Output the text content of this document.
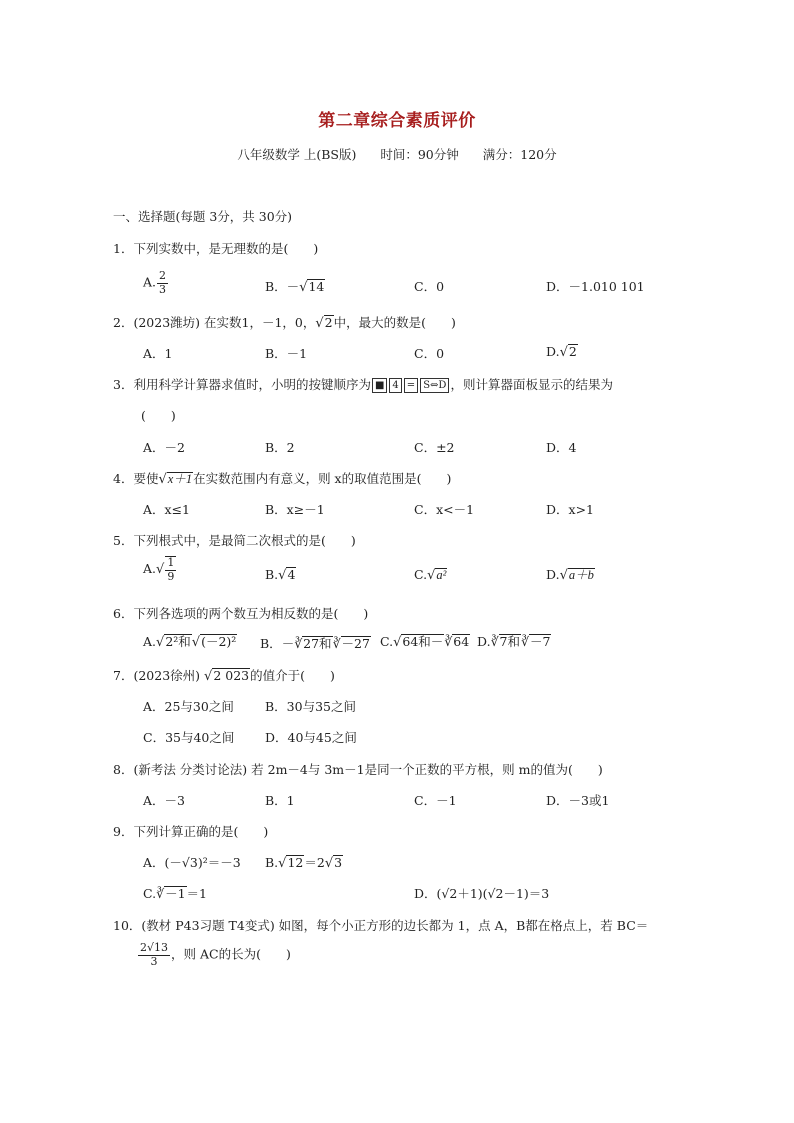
第二章综合素质评价
八年级数学 上(BS版) 时间：90分钟 满分：120分
一、选择题(每题 3分，共 30分)
1．下列实数中，是无理数的是(　　)
A. $\frac{2}{3}$	B．－√14	C．0	D．－1.010 101
2．(2023潍坊) 在实数1，－1，0，√2中，最大的数是(　　)
A．1	B．－1	C．0	D.√2
3．利用科学计算器求值时，小明的按键顺序为 ■ 4 = S⇔D ，则计算器面板显示的结果为
(　　)
A．－2	B．2	C．±2	D．4
4．要使√x＋1在实数范围内有意义，则 x的取值范围是(　　)
A．x≤1	B．x≥－1	C．x<－1	D．x>1
5．下列根式中，是最简二次根式的是(　　)
$A.√ \frac{1}{9}$	B.√4	C.√a²	D.√a＋b
6．下列各选项的两个数互为相反数的是(　　)
A.√2²和√(－2)² B．－∛27和∛－27 C.√64和－∛64 D.∛7和∛－7
7．(2023徐州) √2 023的值介于(　　)
A．25与30之间 B．30与35之间
C．35与40之间 D．40与45之间
8．(新考法 分类讨论法) 若 2m－4与 3m－1是同一个正数的平方根，则 m的值为(　　)
A．－3	B．1	C．－1	D．－3或1
9．下列计算正确的是(　　)
A．(－√3)²＝－3 B.√12＝2√3
C.∛－1＝1	D．(√2＋1)(√2－1)＝3
10．(教材 P43习题 T4变式) 如图，每个小正方形的边长都为 1，点 A，B都在格点上，若 BC＝
$\frac{2√13}{3}$ ，则 AC的长为(　　)
